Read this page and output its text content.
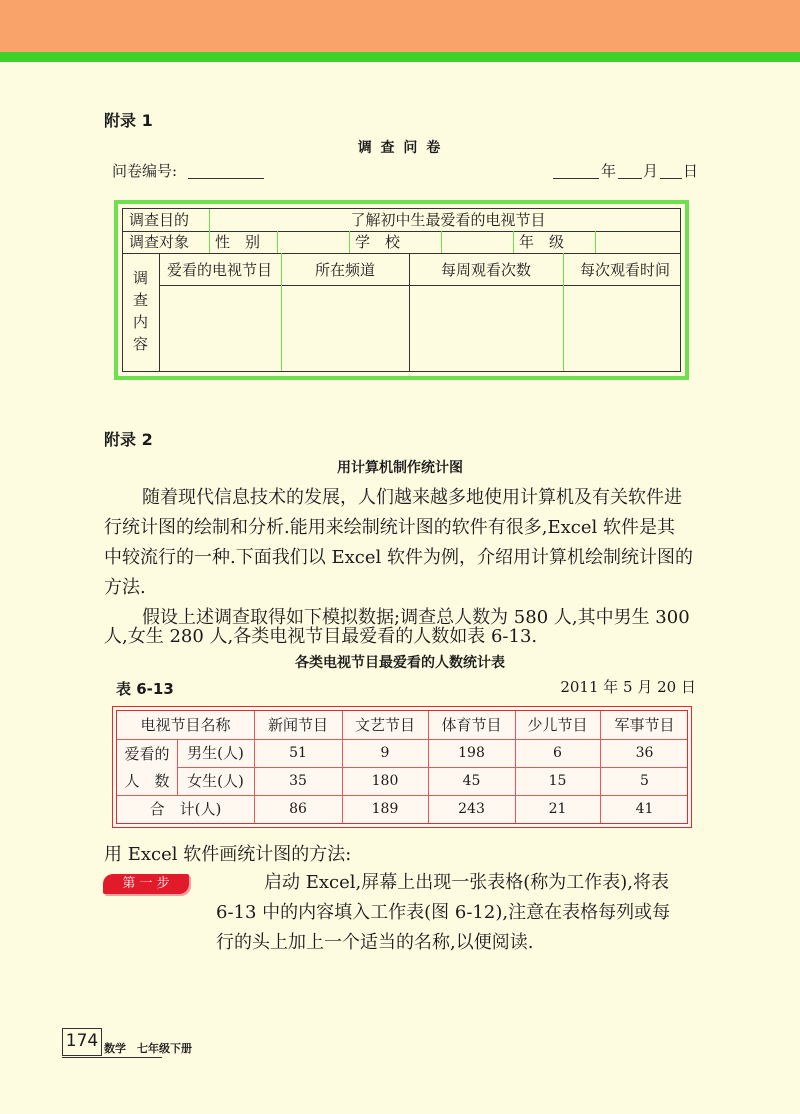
附录 1
调 查 问 卷
问卷编号:	年 月 日
调查目的	了解初中生最爱看的电视节目
调查对象 性　别	学　校	年　级
调
查
内
容
爱看的电视节目	所在频道	每周观看次数	每次观看时间
附录 2
用计算机制作统计图
随着现代信息技术的发展，人们越来越多地使用计算机及有关软件进
行统计图的绘制和分析.能用来绘制统计图的软件有很多,Excel 软件是其
中较流行的一种.下面我们以 Excel 软件为例，介绍用计算机绘制统计图的
方法.
假设上述调查取得如下模拟数据;调查总人数为 580 人,其中男生 300
人,女生 280 人,各类电视节目最爱看的人数如表 6-13.
各类电视节目最爱看的人数统计表
表 6-13	2011 年 5 月 20 日
电视节目名称	新闻节目	文艺节目	体育节目	少儿节目	军事节目
爱看的
人　数
男生(人)	51	9	198	6	36
女生(人)	35	180	45	15	5
合　计(人)	86	189	243	21	41
用 Excel 软件画统计图的方法:
第 一 步	启动 Excel,屏幕上出现一张表格(称为工作表),将表
6-13 中的内容填入工作表(图 6-12),注意在表格每列或每
行的头上加上一个适当的名称,以便阅读.
174 数学　七年级下册
